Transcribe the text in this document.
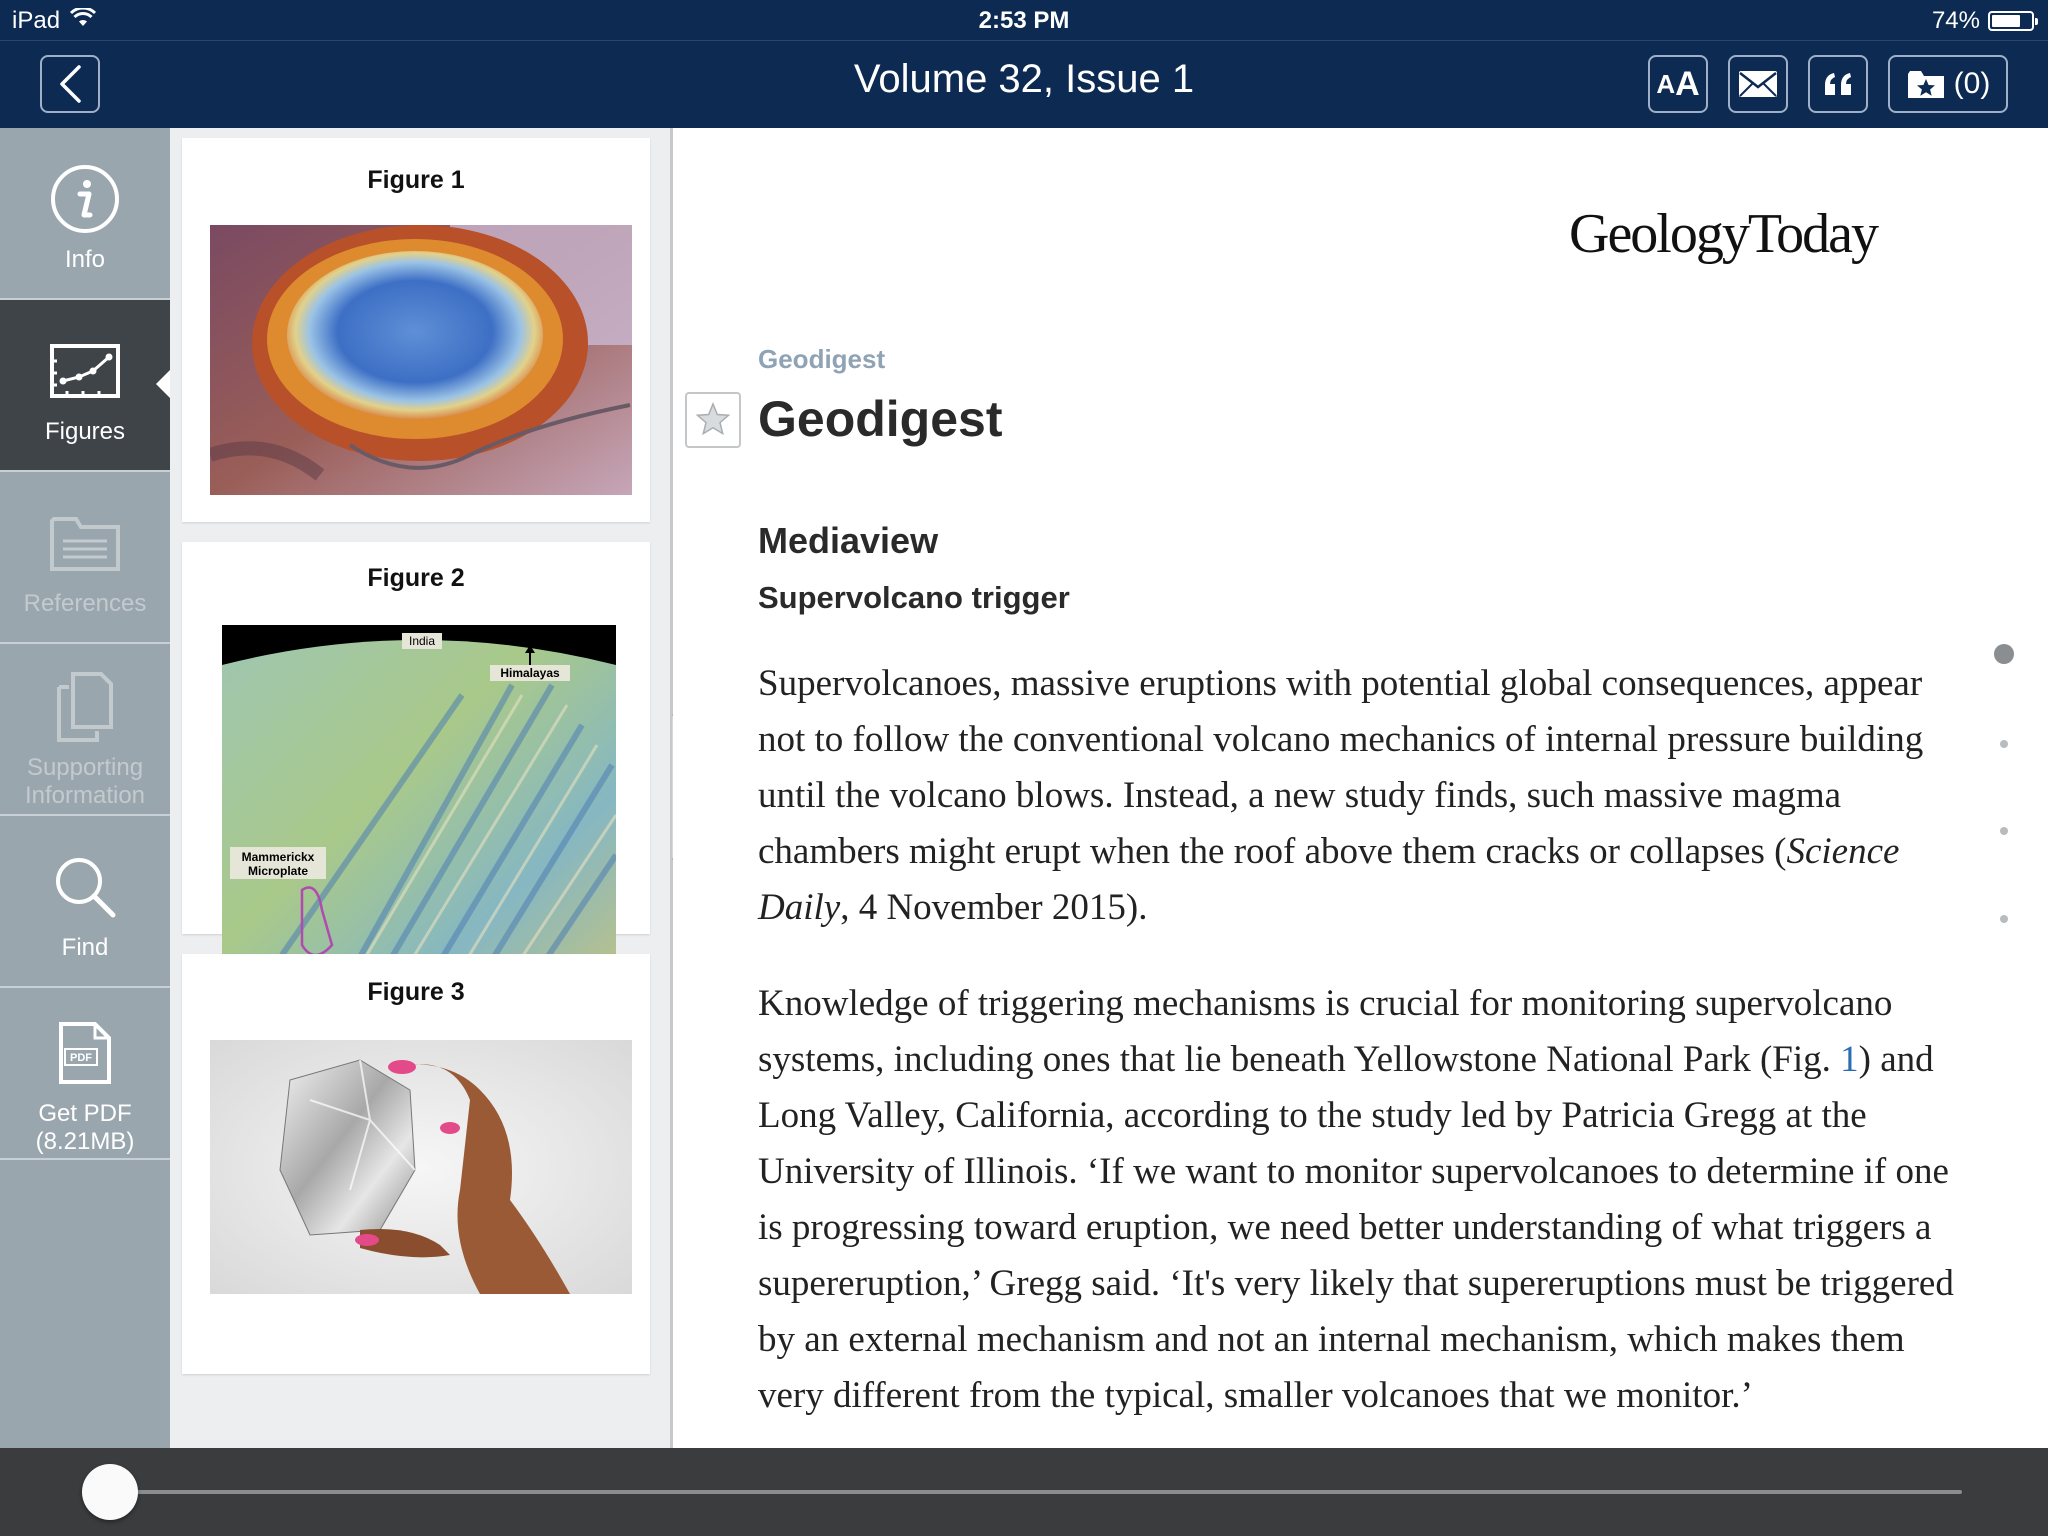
iPad	2:53 PM	74%
Volume 32, Issue 1	A A	(0)
Info
Figures
References
Supporting Information
Find
PDF
Get PDF (8.21MB)
Figure 1
Figure 2
India
Himalayas
Mammerickx
Microplate
Figure 3
GeologyToday
Geodigest
Geodigest
Mediaview
Supervolcano trigger

Supervolcanoes, massive eruptions with potential global consequences, appear not to follow the conventional volcano mechanics of internal pressure building until the volcano blows. Instead, a new study finds, such massive magma chambers might erupt when the roof above them cracks or collapses (Science Daily, 4 November 2015).

Knowledge of triggering mechanisms is crucial for monitoring supervolcano systems, including ones that lie beneath Yellowstone National Park (Fig. 1) and Long Valley, California, according to the study led by Patricia Gregg at the University of Illinois. ‘If we want to monitor supervolcanoes to determine if one is progressing toward eruption, we need better understanding of what triggers a supereruption,’ Gregg said. ‘It's very likely that supereruptions must be triggered by an external mechanism and not an internal mechanism, which makes them very different from the typical, smaller volcanoes that we monitor.’
